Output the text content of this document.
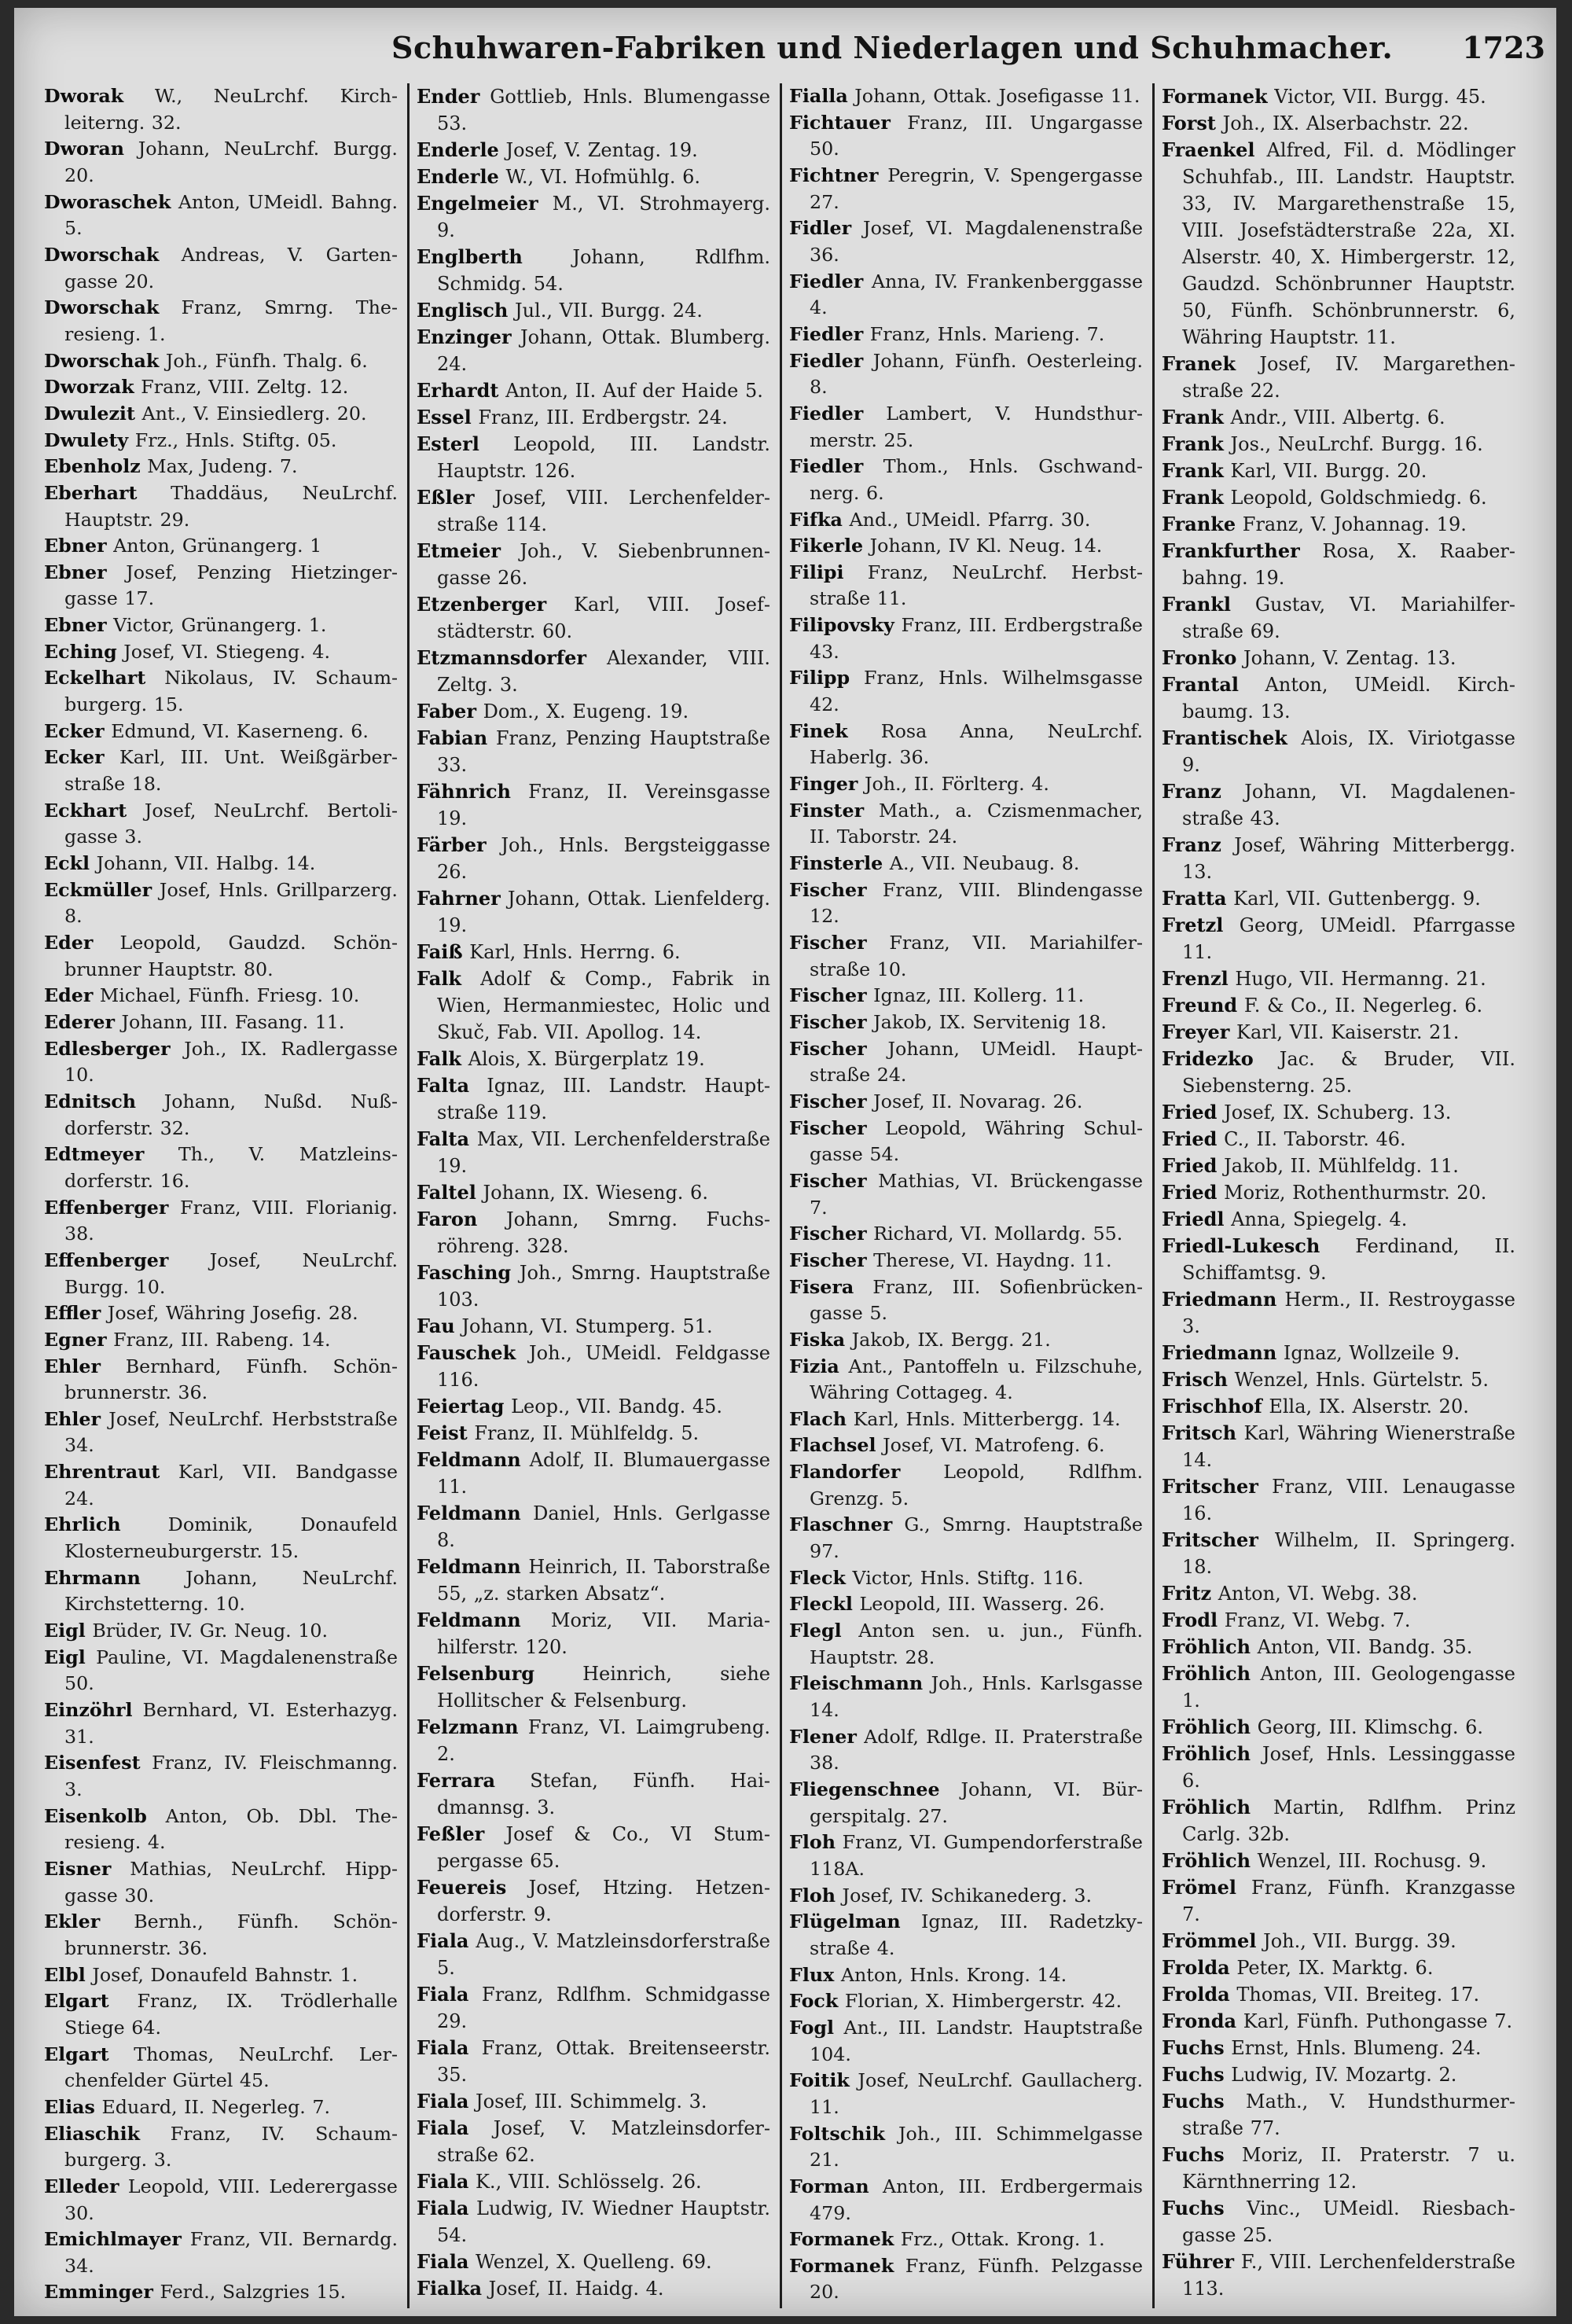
Schuhwaren-Fabriken und Niederlagen und Schuhmacher. 1723

Dworak W., NeuLrchf. Kirchleiterng. 32.

Dworan Johann, NeuLrchf. Burgg. 20.

Dworaschek Anton, UMeidl. Bahng. 5.

Dworschak Andreas, V. Gartengasse 20.

Dworschak Franz, Smrng. Theresieng. 1.

Dworschak Joh., Fünfh. Thalg. 6.

Dworzak Franz, VIII. Zeltg. 12.

Dwulezit Ant., V. Einsiedlerg. 20.

Dwulety Frz., Hnls. Stiftg. 05.

Ebenholz Max, Judeng. 7.

Eberhart Thaddäus, NeuLrchf. Hauptstr. 29.

Ebner Anton, Grünangerg. 1

Ebner Josef, Penzing Hietzingergasse 17.

Ebner Victor, Grünangerg. 1.

Eching Josef, VI. Stiegeng. 4.

Eckelhart Nikolaus, IV. Schaumburgerg. 15.

Ecker Edmund, VI. Kaserneng. 6.

Ecker Karl, III. Unt. Weißgärberstraße 18.

Eckhart Josef, NeuLrchf. Bertoligasse 3.

Eckl Johann, VII. Halbg. 14.

Eckmüller Josef, Hnls. Grillparzerg. 8.

Eder Leopold, Gaudzd. Schönbrunner Hauptstr. 80.

Eder Michael, Fünfh. Friesg. 10.

Ederer Johann, III. Fasang. 11.

Edlesberger Joh., IX. Radlergasse 10.

Ednitsch Johann, Nußd. Nußdorferstr. 32.

Edtmeyer Th., V. Matzleinsdorferstr. 16.

Effenberger Franz, VIII. Florianig. 38.

Effenberger Josef, NeuLrchf. Burgg. 10.

Effler Josef, Währing Josefig. 28.

Egner Franz, III. Rabeng. 14.

Ehler Bernhard, Fünfh. Schönbrunnerstr. 36.

Ehler Josef, NeuLrchf. Herbststraße 34.

Ehrentraut Karl, VII. Bandgasse 24.

Ehrlich Dominik, Donaufeld Klosterneuburgerstr. 15.

Ehrmann Johann, NeuLrchf. Kirchstetterng. 10.

Eigl Brüder, IV. Gr. Neug. 10.

Eigl Pauline, VI. Magdalenenstraße 50.

Einzöhrl Bernhard, VI. Esterhazyg. 31.

Eisenfest Franz, IV. Fleischmanng. 3.

Eisenkolb Anton, Ob. Dbl. Theresieng. 4.

Eisner Mathias, NeuLrchf. Hippgasse 30.

Ekler Bernh., Fünfh. Schönbrunnerstr. 36.

Elbl Josef, Donaufeld Bahnstr. 1.

Elgart Franz, IX. Trödlerhalle Stiege 64.

Elgart Thomas, NeuLrchf. Lerchenfelder Gürtel 45.

Elias Eduard, II. Negerleg. 7.

Eliaschik Franz, IV. Schaumburgerg. 3.

Elleder Leopold, VIII. Lederergasse 30.

Emichlmayer Franz, VII. Bernardg. 34.

Emminger Ferd., Salzgries 15.

Ender Gottlieb, Hnls. Blumengasse 53.

Enderle Josef, V. Zentag. 19.

Enderle W., VI. Hofmühlg. 6.

Engelmeier M., VI. Strohmayerg. 9.

Englberth Johann, Rdlfhm. Schmidg. 54.

Englisch Jul., VII. Burgg. 24.

Enzinger Johann, Ottak. Blumberg. 24.

Erhardt Anton, II. Auf der Haide 5.

Essel Franz, III. Erdbergstr. 24.

Esterl Leopold, III. Landstr. Hauptstr. 126.

Eßler Josef, VIII. Lerchenfelderstraße 114.

Etmeier Joh., V. Siebenbrunnengasse 26.

Etzenberger Karl, VIII. Josefstädterstr. 60.

Etzmannsdorfer Alexander, VIII. Zeltg. 3.

Faber Dom., X. Eugeng. 19.

Fabian Franz, Penzing Hauptstraße 33.

Fähnrich Franz, II. Vereinsgasse 19.

Färber Joh., Hnls. Bergsteiggasse 26.

Fahrner Johann, Ottak. Lienfelderg. 19.

Faiß Karl, Hnls. Herrng. 6.

Falk Adolf & Comp., Fabrik in Wien, Hermanmiestec, Holic und Skuč, Fab. VII. Apollog. 14.

Falk Alois, X. Bürgerplatz 19.

Falta Ignaz, III. Landstr. Hauptstraße 119.

Falta Max, VII. Lerchenfelderstraße 19.

Faltel Johann, IX. Wieseng. 6.

Faron Johann, Smrng. Fuchsröhreng. 328.

Fasching Joh., Smrng. Hauptstraße 103.

Fau Johann, VI. Stumperg. 51.

Fauschek Joh., UMeidl. Feldgasse 116.

Feiertag Leop., VII. Bandg. 45.

Feist Franz, II. Mühlfeldg. 5.

Feldmann Adolf, II. Blumauergasse 11.

Feldmann Daniel, Hnls. Gerlgasse 8.

Feldmann Heinrich, II. Taborstraße 55, „z. starken Absatz“.

Feldmann Moriz, VII. Mariahilferstr. 120.

Felsenburg Heinrich, siehe Hollitscher & Felsenburg.

Felzmann Franz, VI. Laimgrubeng. 2.

Ferrara Stefan, Fünfh. Haidmannsg. 3.

Feßler Josef & Co., VI Stumpergasse 65.

Feuereis Josef, Htzing. Hetzendorferstr. 9.

Fiala Aug., V. Matzleinsdorferstraße 5.

Fiala Franz, Rdlfhm. Schmidgasse 29.

Fiala Franz, Ottak. Breitenseerstr. 35.

Fiala Josef, III. Schimmelg. 3.

Fiala Josef, V. Matzleinsdorferstraße 62.

Fiala K., VIII. Schlösselg. 26.

Fiala Ludwig, IV. Wiedner Hauptstr. 54.

Fiala Wenzel, X. Quelleng. 69.

Fialka Josef, II. Haidg. 4.

Fialla Johann, Ottak. Josefigasse 11.

Fichtauer Franz, III. Ungargasse 50.

Fichtner Peregrin, V. Spengergasse 27.

Fidler Josef, VI. Magdalenenstraße 36.

Fiedler Anna, IV. Frankenberggasse 4.

Fiedler Franz, Hnls. Marieng. 7.

Fiedler Johann, Fünfh. Oesterleing. 8.

Fiedler Lambert, V. Hundsthurmerstr. 25.

Fiedler Thom., Hnls. Gschwandnerg. 6.

Fifka And., UMeidl. Pfarrg. 30.

Fikerle Johann, IV Kl. Neug. 14.

Filipi Franz, NeuLrchf. Herbststraße 11.

Filipovsky Franz, III. Erdbergstraße 43.

Filipp Franz, Hnls. Wilhelmsgasse 42.

Finek Rosa Anna, NeuLrchf. Haberlg. 36.

Finger Joh., II. Förlterg. 4.

Finster Math., a. Czismenmacher, II. Taborstr. 24.

Finsterle A., VII. Neubaug. 8.

Fischer Franz, VIII. Blindengasse 12.

Fischer Franz, VII. Mariahilferstraße 10.

Fischer Ignaz, III. Kollerg. 11.

Fischer Jakob, IX. Servitenig 18.

Fischer Johann, UMeidl. Hauptstraße 24.

Fischer Josef, II. Novarag. 26.

Fischer Leopold, Währing Schulgasse 54.

Fischer Mathias, VI. Brückengasse 7.

Fischer Richard, VI. Mollardg. 55.

Fischer Therese, VI. Haydng. 11.

Fisera Franz, III. Sofienbrückengasse 5.

Fiska Jakob, IX. Bergg. 21.

Fizia Ant., Pantoffeln u. Filzschuhe, Währing Cottageg. 4.

Flach Karl, Hnls. Mitterbergg. 14.

Flachsel Josef, VI. Matrofeng. 6.

Flandorfer Leopold, Rdlfhm. Grenzg. 5.

Flaschner G., Smrng. Hauptstraße 97.

Fleck Victor, Hnls. Stiftg. 116.

Fleckl Leopold, III. Wasserg. 26.

Flegl Anton sen. u. jun., Fünfh. Hauptstr. 28.

Fleischmann Joh., Hnls. Karlsgasse 14.

Flener Adolf, Rdlge. II. Praterstraße 38.

Fliegenschnee Johann, VI. Bürgerspitalg. 27.

Floh Franz, VI. Gumpendorferstraße 118A.

Floh Josef, IV. Schikanederg. 3.

Flügelman Ignaz, III. Radetzkystraße 4.

Flux Anton, Hnls. Krong. 14.

Fock Florian, X. Himbergerstr. 42.

Fogl Ant., III. Landstr. Hauptstraße 104.

Foitik Josef, NeuLrchf. Gaullacherg. 11.

Foltschik Joh., III. Schimmelgasse 21.

Forman Anton, III. Erdbergermais 479.

Formanek Frz., Ottak. Krong. 1.

Formanek Franz, Fünfh. Pelzgasse 20.

Formanek Victor, VII. Burgg. 45.

Forst Joh., IX. Alserbachstr. 22.

Fraenkel Alfred, Fil. d. Mödlinger Schuhfab., III. Landstr. Hauptstr. 33, IV. Margarethenstraße 15, VIII. Josefstädterstraße 22a, XI. Alserstr. 40, X. Himbergerstr. 12, Gaudzd. Schönbrunner Hauptstr. 50, Fünfh. Schönbrunnerstr. 6, Währing Hauptstr. 11.

Franek Josef, IV. Margarethenstraße 22.

Frank Andr., VIII. Albertg. 6.

Frank Jos., NeuLrchf. Burgg. 16.

Frank Karl, VII. Burgg. 20.

Frank Leopold, Goldschmiedg. 6.

Franke Franz, V. Johannag. 19.

Frankfurther Rosa, X. Raaberbahng. 19.

Frankl Gustav, VI. Mariahilferstraße 69.

Fronko Johann, V. Zentag. 13.

Frantal Anton, UMeidl. Kirchbaumg. 13.

Frantischek Alois, IX. Viriotgasse 9.

Franz Johann, VI. Magdalenenstraße 43.

Franz Josef, Währing Mitterbergg. 13.

Fratta Karl, VII. Guttenbergg. 9.

Fretzl Georg, UMeidl. Pfarrgasse 11.

Frenzl Hugo, VII. Hermanng. 21.

Freund F. & Co., II. Negerleg. 6.

Freyer Karl, VII. Kaiserstr. 21.

Fridezko Jac. & Bruder, VII. Siebensterng. 25.

Fried Josef, IX. Schuberg. 13.

Fried C., II. Taborstr. 46.

Fried Jakob, II. Mühlfeldg. 11.

Fried Moriz, Rothenthurmstr. 20.

Friedl Anna, Spiegelg. 4.

Friedl-Lukesch Ferdinand, II. Schiffamtsg. 9.

Friedmann Herm., II. Restroygasse 3.

Friedmann Ignaz, Wollzeile 9.

Frisch Wenzel, Hnls. Gürtelstr. 5.

Frischhof Ella, IX. Alserstr. 20.

Fritsch Karl, Währing Wienerstraße 14.

Fritscher Franz, VIII. Lenaugasse 16.

Fritscher Wilhelm, II. Springerg. 18.

Fritz Anton, VI. Webg. 38.

Frodl Franz, VI. Webg. 7.

Fröhlich Anton, VII. Bandg. 35.

Fröhlich Anton, III. Geologengasse 1.

Fröhlich Georg, III. Klimschg. 6.

Fröhlich Josef, Hnls. Lessinggasse 6.

Fröhlich Martin, Rdlfhm. Prinz Carlg. 32b.

Fröhlich Wenzel, III. Rochusg. 9.

Frömel Franz, Fünfh. Kranzgasse 7.

Frömmel Joh., VII. Burgg. 39.

Frolda Peter, IX. Marktg. 6.

Frolda Thomas, VII. Breiteg. 17.

Fronda Karl, Fünfh. Puthongasse 7.

Fuchs Ernst, Hnls. Blumeng. 24.

Fuchs Ludwig, IV. Mozartg. 2.

Fuchs Math., V. Hundsthurmerstraße 77.

Fuchs Moriz, II. Praterstr. 7 u. Kärnthnerring 12.

Fuchs Vinc., UMeidl. Riesbachgasse 25.

Führer F., VIII. Lerchenfelderstraße 113.
